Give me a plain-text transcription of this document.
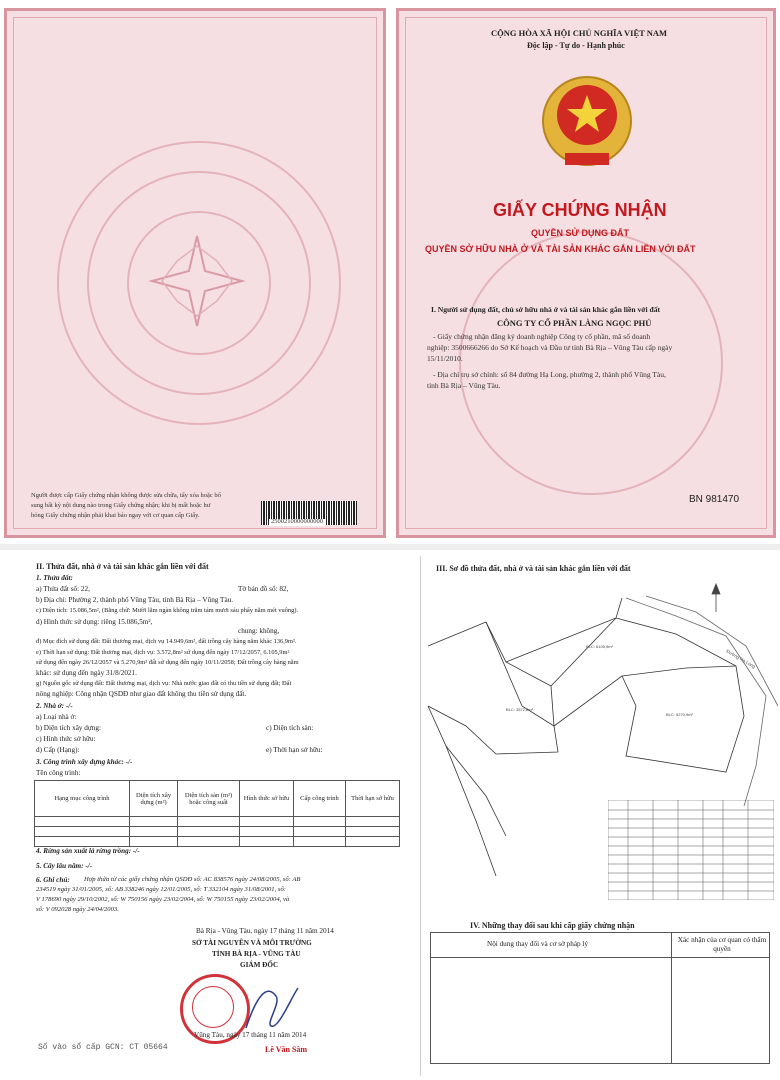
Người được cấp Giấy chứng nhận không được sửa chữa, tẩy xóa hoặc bổ
sung bất kỳ nội dung nào trong Giấy chứng nhận; khi bị mất hoặc hư
hỏng Giấy chứng nhận phải khai báo ngay với cơ quan cấp Giấy.
2500210000000000
CỘNG HÒA XÃ HỘI CHỦ NGHĨA VIỆT NAM
Độc lập - Tự do - Hạnh phúc
GIẤY CHỨNG NHẬN
QUYỀN SỬ DỤNG ĐẤT
QUYỀN SỞ HỮU NHÀ Ở VÀ TÀI SẢN KHÁC GẮN LIỀN VỚI ĐẤT
I. Người sử dụng đất, chủ sở hữu nhà ở và tài sản khác gắn liền với đất
CÔNG TY CỔ PHẦN LÀNG NGỌC PHÚ
- Giấy chứng nhận đăng ký doanh nghiệp Công ty cổ phần, mã số doanh
nghiệp: 3500666266 do Sở Kế hoạch và Đầu tư tỉnh Bà Rịa – Vũng Tàu cấp ngày
15/11/2010.
- Địa chỉ trụ sở chính: số 84 đường Hạ Long, phường 2, thành phố Vũng Tàu,
tỉnh Bà Rịa – Vũng Tàu.
BN 981470
II. Thửa đất, nhà ở và tài sản khác gắn liền với đất
1. Thửa đất:
a) Thửa đất số: 22,	Tờ bản đồ số: 82,
b) Địa chỉ: Phường 2, thành phố Vũng Tàu, tỉnh Bà Rịa – Vũng Tàu.
c) Diện tích: 15.086,5m², (Bằng chữ: Mười lăm ngàn không trăm tám mươi sáu phẩy năm mét vuông).
d) Hình thức sử dụng: riêng 15.086,5m²,
chung: không,
đ) Mục đích sử dụng đất: Đất thương mại, dịch vụ 14.949,6m², đất trồng cây hàng năm khác 136,9m².
e) Thời hạn sử dụng: Đất thương mại, dịch vụ: 3.572,8m² sử dụng đến ngày 17/12/2057, 6.105,9m²
sử dụng đến ngày 26/12/2057 và 5.270,9m² đất sử dụng đến ngày 10/11/2058; Đất trồng cây hàng năm
khác: sử dụng đến ngày 31/8/2021.
g) Nguồn gốc sử dụng đất: Đất thương mại, dịch vụ: Nhà nước giao đất có thu tiền sử dụng đất; Đất
nông nghiệp: Công nhận QSDĐ như giao đất không thu tiền sử dụng đất.
2. Nhà ở: -/-
a) Loại nhà ở:
b) Diện tích xây dựng:	c) Diện tích sàn:
c) Hình thức sở hữu:
d) Cấp (Hạng):	e) Thời hạn sở hữu:
3. Công trình xây dựng khác: -/-
Tên công trình:
Hạng mục công trình	Diện tích xây dựng (m²)	Diện tích sàn (m²) hoặc công suất	Hình thức sở hữu	Cấp công trình	Thời hạn sở hữu

4. Rừng sản xuất là rừng trồng: -/-
5. Cây lâu năm: -/-
6. Ghi chú: Hợp thửa từ các giấy chứng nhận QSDĐ số: AC 838576 ngày 24/08/2005, số: AB
234519 ngày 31/01/2005, số: AB 338246 ngày 12/01/2005, số: T 332104 ngày 31/08/2001, số:
V 178690 ngày 29/10/2002, số: W 750156 ngày 23/02/2004, số: W 750155 ngày 23/02/2004, và
số: V 092028 ngày 24/04/2003.
Bà Rịa - Vũng Tàu, ngày 17 tháng 11 năm 2014
SỞ TÀI NGUYÊN VÀ MÔI TRƯỜNG
TỈNH BÀ RỊA - VŨNG TÀU
GIÁM ĐỐC
Vũng Tàu, ngày 17 tháng 11 năm 2014
Lê Văn Sâm
Số vào sổ cấp GCN: CT 05664
III. Sơ đồ thửa đất, nhà ở và tài sản khác gắn liền với đất
BLC: 3572,8m²
BLC: 6105,9m²
BLC: 5270,9m²
Đường Hạ Long
IV. Những thay đổi sau khi cấp giấy chứng nhận
Nội dung thay đổi và cơ sở pháp lý	Xác nhận của cơ quan có thẩm quyền
